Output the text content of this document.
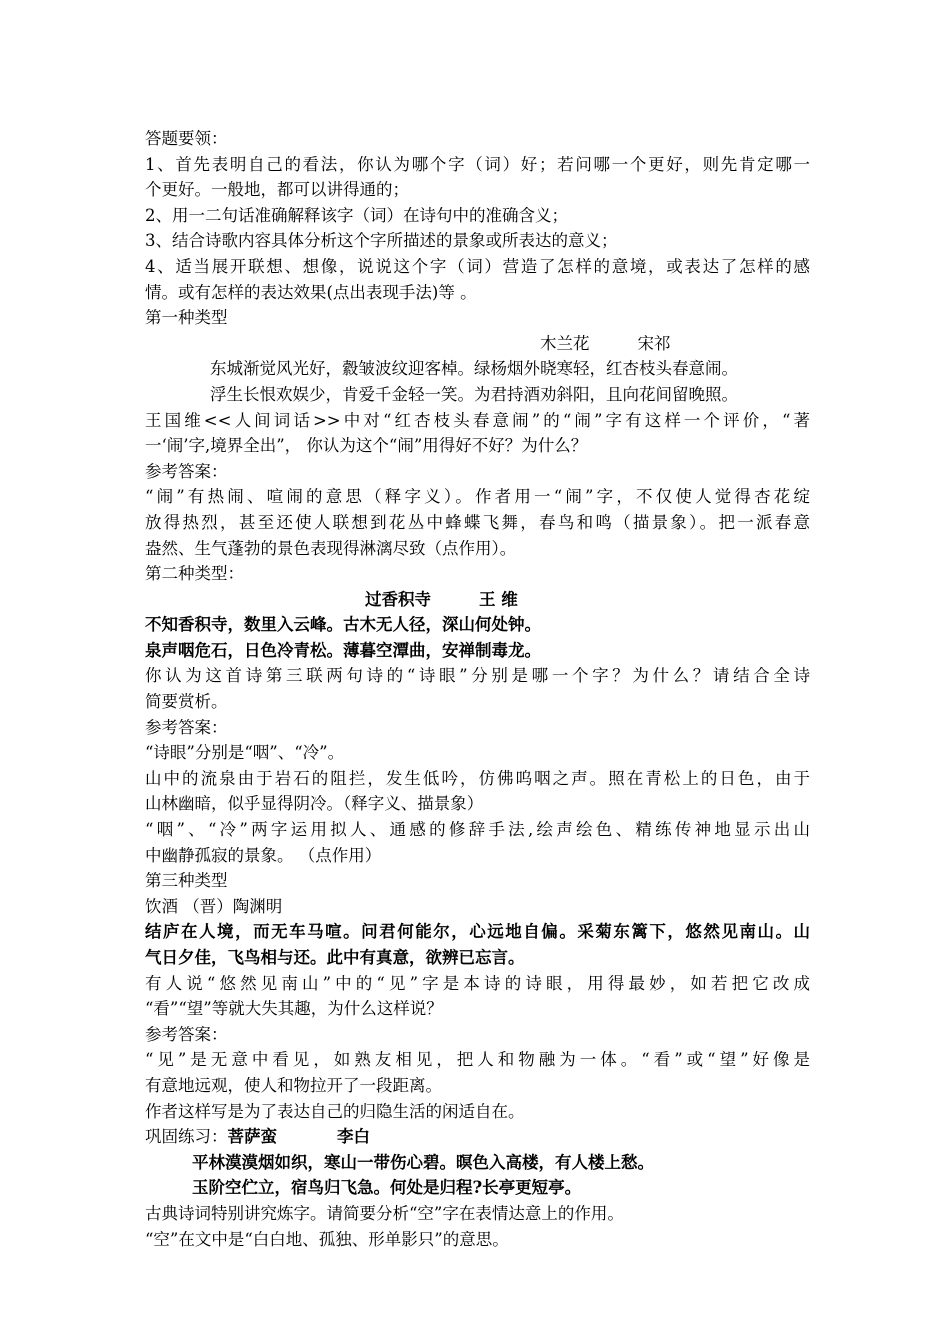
答题要领：
1、首先表明自己的看法，你认为哪个字（词）好；若问哪一个更好，则先肯定哪一
个更好。一般地，都可以讲得通的；
2、用一二句话准确解释该字（词）在诗句中的准确含义；
3、结合诗歌内容具体分析这个字所描述的景象或所表达的意义；
4、适当展开联想、想像，说说这个字（词）营造了怎样的意境，或表达了怎样的感
情。或有怎样的表达效果(点出表现手法)等 。
第一种类型
木兰花	宋祁
东城渐觉风光好，縠皱波纹迎客棹。绿杨烟外晓寒轻，红杏枝头春意闹。
浮生长恨欢娱少，肯爱千金轻一笑。为君持酒劝斜阳，且向花间留晚照。
王国维<<人间词话>>中对“红杏枝头春意闹”的“闹”字有这样一个评价，“著
一‘闹’字,境界全出”， 你认为这个“闹”用得好不好？为什么？
参考答案：
“闹”有热闹、喧闹的意思（释字义）。作者用一“闹”字，不仅使人觉得杏花绽
放得热烈，甚至还使人联想到花丛中蜂蝶飞舞，春鸟和鸣（描景象）。把一派春意
盎然、生气蓬勃的景色表现得淋漓尽致（点作用）。
第二种类型：
过香积寺	王 维
不知香积寺，数里入云峰。古木无人径，深山何处钟。
泉声咽危石，日色冷青松。薄暮空潭曲，安禅制毒龙。
你认为这首诗第三联两句诗的“诗眼”分别是哪一个字？为什么？请结合全诗
简要赏析。
参考答案：
“诗眼”分别是“咽”、“冷”。
山中的流泉由于岩石的阻拦，发生低吟，仿佛呜咽之声。照在青松上的日色，由于
山林幽暗，似乎显得阴冷。（释字义、描景象）
“咽”、“冷”两字运用拟人、通感的修辞手法,绘声绘色、精练传神地显示出山
中幽静孤寂的景象。 （点作用）
第三种类型
饮酒 （晋）陶渊明
结庐在人境，而无车马喧。问君何能尔，心远地自偏。采菊东篱下，悠然见南山。山
气日夕佳，飞鸟相与还。此中有真意，欲辨已忘言。
有人说“悠然见南山”中的“见”字是本诗的诗眼，用得最妙，如若把它改成
“看”“望”等就大失其趣，为什么这样说？
参考答案：
“见”是无意中看见，如熟友相见，把人和物融为一体。“看”或“望”好像是
有意地远观，使人和物拉开了一段距离。
作者这样写是为了表达自己的归隐生活的闲适自在。
巩固练习：菩萨蛮	李白
平林漠漠烟如织，寒山一带伤心碧。暝色入高楼，有人楼上愁。
玉阶空伫立，宿鸟归飞急。何处是归程?长亭更短亭。
古典诗词特别讲究炼字。请简要分析“空”字在表情达意上的作用。
“空”在文中是“白白地、孤独、形单影只”的意思。
